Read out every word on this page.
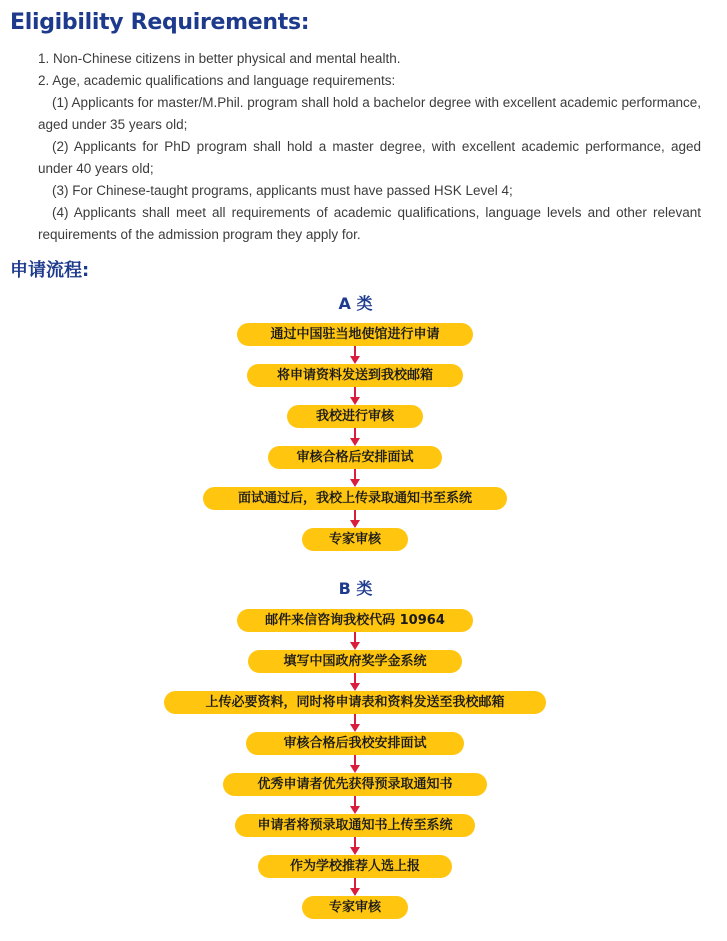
Eligibility Requirements:

1. Non-Chinese citizens in better physical and mental health.

2. Age, academic qualifications and language requirements:

(1) Applicants for master/M.Phil. program shall hold a bachelor degree with excellent academic performance, aged under 35 years old;

(2) Applicants for PhD program shall hold a master degree, with excellent academic performance, aged under 40 years old;

(3) For Chinese-taught programs, applicants must have passed HSK Level 4;

(4) Applicants shall meet all requirements of academic qualifications, language levels and other relevant requirements of the admission program they apply for.

申请流程:
A 类
通过中国驻当地使馆进行申请
将申请资料发送到我校邮箱
我校进行审核
审核合格后安排面试
面试通过后，我校上传录取通知书至系统
专家审核
B 类
邮件来信咨询我校代码 10964
填写中国政府奖学金系统
上传必要资料，同时将申请表和资料发送至我校邮箱
审核合格后我校安排面试
优秀申请者优先获得预录取通知书
申请者将预录取通知书上传至系统
作为学校推荐人选上报
专家审核
